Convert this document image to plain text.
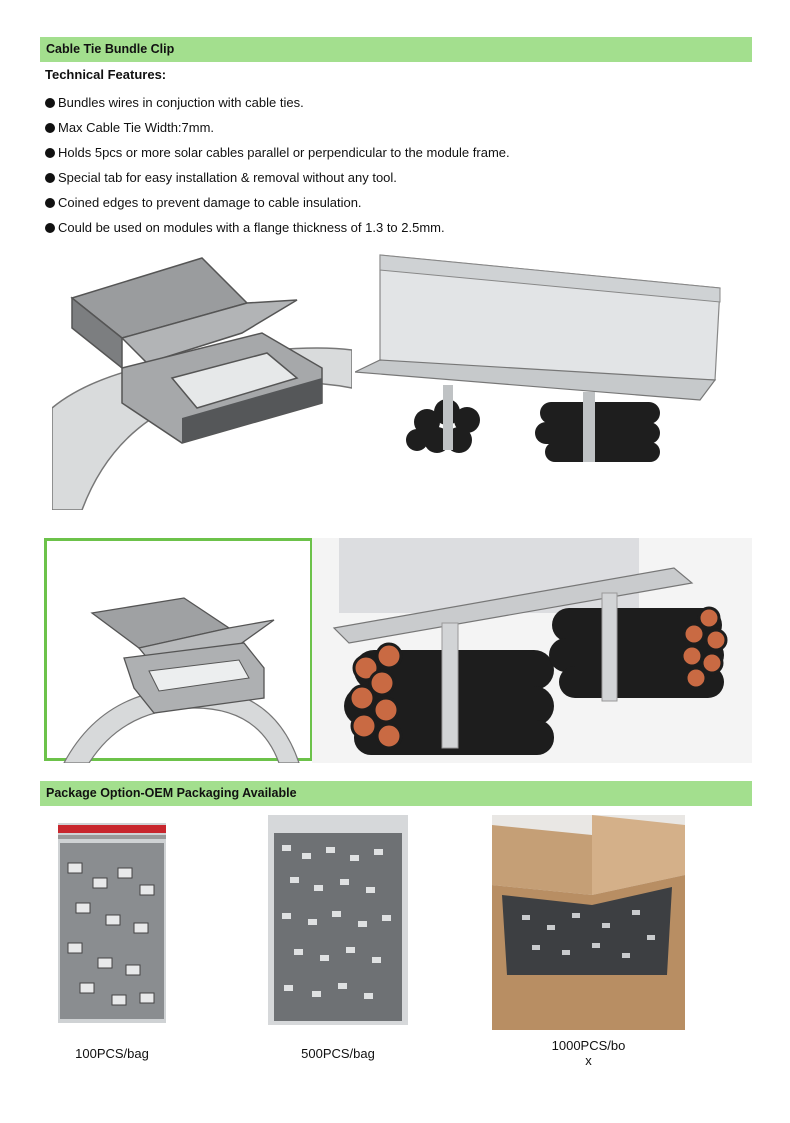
Cable Tie Bundle Clip
Technical Features:
Bundles wires in conjuction with cable ties.
Max Cable Tie Width:7mm.
Holds 5pcs or more solar cables parallel or perpendicular to the module frame.
Special tab for easy installation & removal without any tool.
Coined edges to prevent damage to cable insulation.
Could be used on modules with a flange thickness of 1.3 to 2.5mm.
Package Option-OEM Packaging Available
100PCS/bag	500PCS/bag
1000PCS/bo
x
